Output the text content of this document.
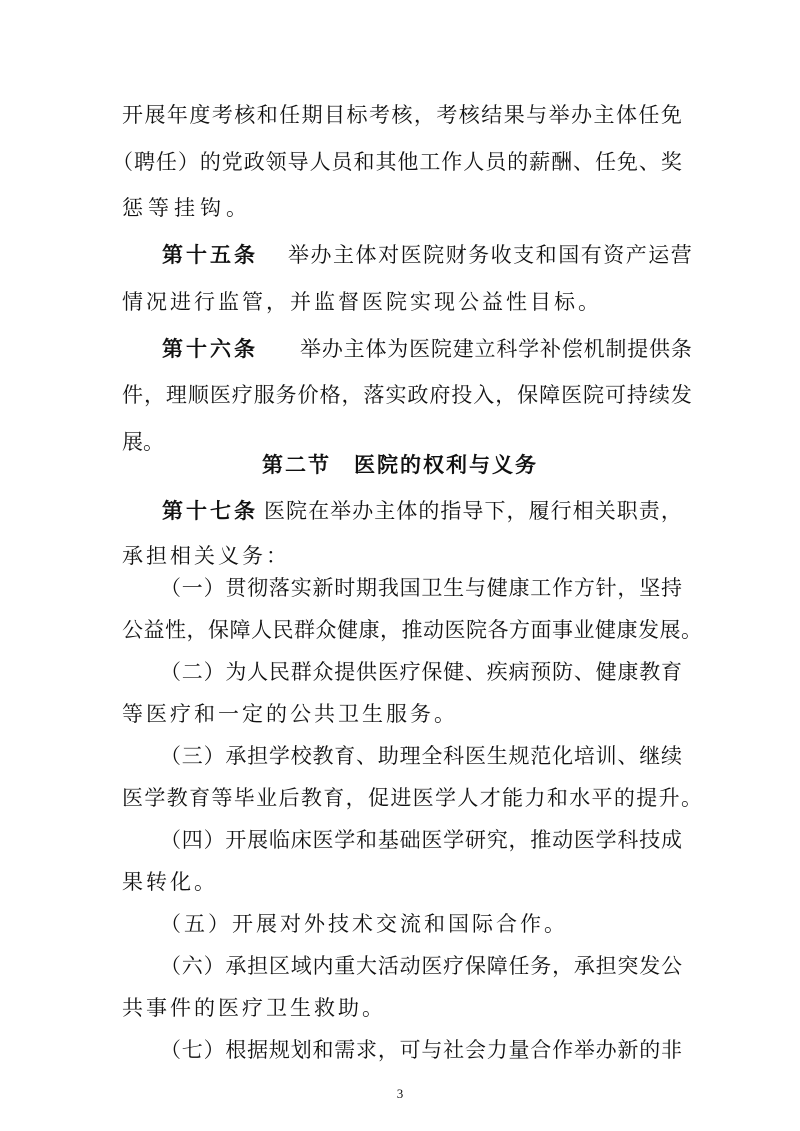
开 展 年 度 考 核 和 任 期 目 标 考 核 ， 考 核 结 果 与 举 办 主 体 任 免
（ 聘 任 ） 的 党 政 领 导 人 员 和 其 他 工 作 人 员 的 薪 酬 、 任 免 、 奖
惩等挂钩。
第十五条 举 办 主 体 对 医 院 财 务 收 支 和 国 有 资 产 运 营
情况进行监管，并监督医院实现公益性目标。
第十六条 举 办 主 体 为 医 院 建 立 科 学 补 偿 机 制 提 供 条
件 ， 理 顺 医 疗 服 务 价 格 ， 落 实 政 府 投 入 ， 保 障 医 院 可 持 续 发
展。
第二节　医院的权利与义务
第十七条 医 院 在 举 办 主 体 的 指 导 下 ， 履 行 相 关 职 责 ，
承担相关义务：
（ 一 ） 贯 彻 落 实 新 时 期 我 国 卫 生 与 健 康 工 作 方 针 ， 坚 持
公 益 性 ， 保 障 人 民 群 众 健 康 ， 推 动 医 院 各 方 面 事 业 健 康 发 展 。
（ 二 ） 为 人 民 群 众 提 供 医 疗 保 健 、 疾 病 预 防 、 健 康 教 育
等医疗和一定的公共卫生服务。
（ 三 ） 承 担 学 校 教 育 、 助 理 全 科 医 生 规 范 化 培 训 、 继 续
医 学 教 育 等 毕 业 后 教 育 ， 促 进 医 学 人 才 能 力 和 水 平 的 提 升 。
（ 四 ） 开 展 临 床 医 学 和 基 础 医 学 研 究 ， 推 动 医 学 科 技 成
果转化。
（五）开展对外技术交流和国际合作。
（ 六 ） 承 担 区 域 内 重 大 活 动 医 疗 保 障 任 务 ， 承 担 突 发 公
3
共事件的医疗卫生救助。
（ 七 ） 根 据 规 划 和 需 求 ， 可 与 社 会 力 量 合 作 举 办 新 的 非
